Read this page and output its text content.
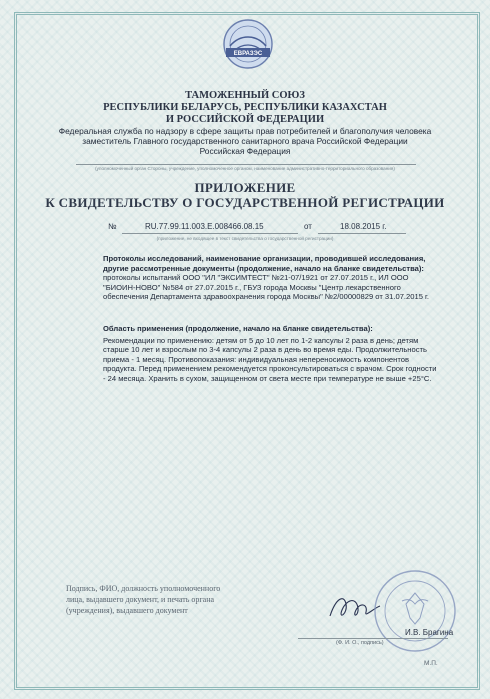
ЕВРАЗЭС
ТАМОЖЕННЫЙ СОЮЗ
РЕСПУБЛИКИ БЕЛАРУСЬ, РЕСПУБЛИКИ КАЗАХСТАН
И РОССИЙСКОЙ ФЕДЕРАЦИИ
Федеральная служба по надзору в сфере защиты прав потребителей и благополучия человека
заместитель Главного государственного санитарного врача Российской Федерации
Российская Федерация
(уполномоченный орган Стороны, учреждение, уполномоченное органом, наименование административно-территориального образования)
ПРИЛОЖЕНИЕ
К СВИДЕТЕЛЬСТВУ О ГОСУДАРСТВЕННОЙ РЕГИСТРАЦИИ
№	RU.77.99.11.003.Е.008466.08.15	от	18.08.2015 г.
(приложение, не входящее в текст свидетельства о государственной регистрации)
Протоколы исследований, наименование организации, проводившей исследования, другие рассмотренные документы (продолжение, начало на бланке свидетельства):
протоколы испытаний ООО "ИЛ "ЭКСИМТЕСТ" №21-07/1921 от 27.07.2015 г., ИЛ ООО "БИОИН-НОВО" №584 от 27.07.2015 г., ГБУЗ города Москвы "Центр лекарственного обеспечения Департамента здравоохранения города Москвы" №2/00000829 от 31.07.2015 г.
Область применения (продолжение, начало на бланке свидетельства):
Рекомендации по применению: детям от 5 до 10 лет по 1-2 капсулы 2 раза в день; детям старше 10 лет и взрослым по 3-4 капсулы 2 раза в день во время еды. Продолжительность приема - 1 месяц. Противопоказания: индивидуальная непереносимость компонентов продукта. Перед применением рекомендуется проконсультироваться с врачом. Срок годности - 24 месяца. Хранить в сухом, защищенном от света месте при температуре не выше +25°С.
Подпись, ФИО, должность уполномоченного лица, выдавшего документ, и печать органа (учреждения), выдавшего документ
И.В. Брагина
(Ф. И. О., подпись)
М.П.
